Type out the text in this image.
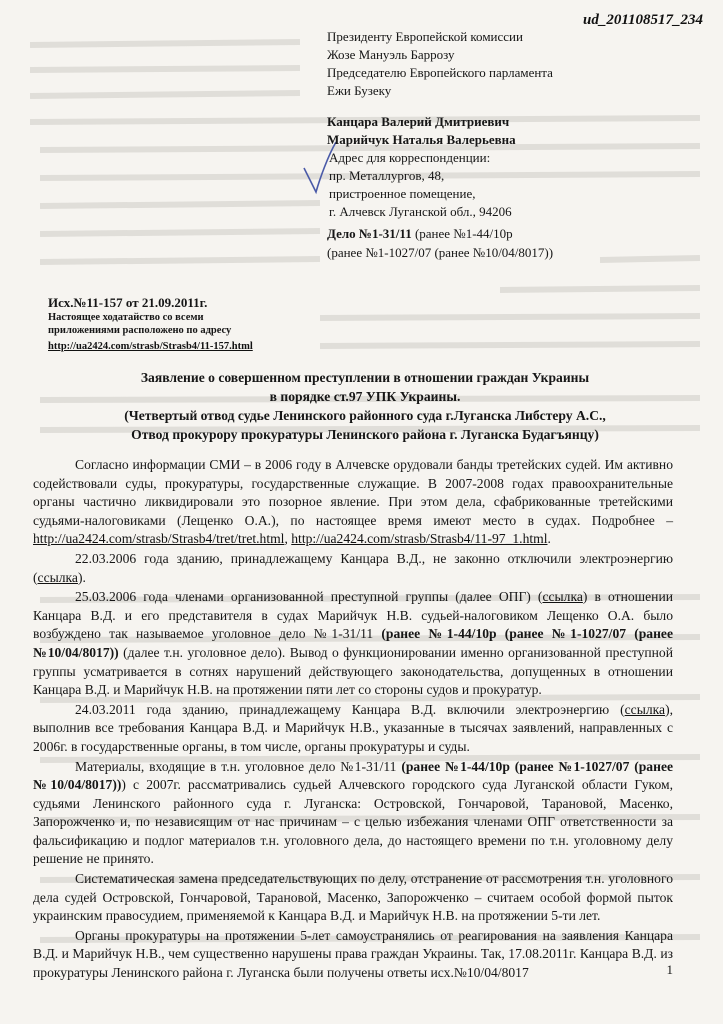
ud_201108517_234
Президенту Европейской комиссии
Жозе Мануэль Баррозу
Председателю Европейского парламента
Ежи Бузеку
Канцара Валерий Дмитриевич
Марийчук Наталья Валерьевна
Адрес для корреспонденции:
пр. Металлургов, 48,
пристроенное помещение,
г. Алчевск Луганской обл., 94206
Дело №1-31/11 (ранее №1-44/10р
(ранее №1-1027/07 (ранее №10/04/8017))
Исх.№11-157 от 21.09.2011г.
Настоящее ходатайство со всеми
приложениями расположено по адресу
http://ua2424.com/strasb/Strasb4/11-157.html
Заявление о совершенном преступлении в отношении граждан Украины
в порядке ст.97 УПК Украины.
(Четвертый отвод судье Ленинского районного суда г.Луганска Либстеру А.С.,
Отвод прокурору прокуратуры Ленинского района г. Луганска Будагъянцу)

Согласно информации СМИ – в 2006 году в Алчевске орудовали банды третейских судей. Им активно содействовали суды, прокуратуры, государственные служащие. В 2007-2008 годах правоохранительные органы частично ликвидировали это позорное явление. При этом дела, сфабрикованные третейскими судьями-налоговиками (Лещенко О.А.), по настоящее время имеют место в судах. Подробнее – http://ua2424.com/strasb/Strasb4/tret/tret.html, http://ua2424.com/strasb/Strasb4/11-97_1.html.

22.03.2006 года зданию, принадлежащему Канцара В.Д., не законно отключили электроэнергию (ссылка).

25.03.2006 года членами организованной преступной группы (далее ОПГ) (ссылка) в отношении Канцара В.Д. и его представителя в судах Марийчук Н.В. судьей-налоговиком Лещенко О.А. было возбуждено так называемое уголовное дело №1-31/11 (ранее №1-44/10р (ранее №1-1027/07 (ранее №10/04/8017)) (далее т.н. уголовное дело). Вывод о функционировании именно организованной преступной группы усматривается в сотнях нарушений действующего законодательства, допущенных в отношении Канцара В.Д. и Марийчук Н.В. на протяжении пяти лет со стороны судов и прокуратур.

24.03.2011 года зданию, принадлежащему Канцара В.Д. включили электроэнергию (ссылка), выполнив все требования Канцара В.Д. и Марийчук Н.В., указанные в тысячах заявлений, направленных с 2006г. в государственные органы, в том числе, органы прокуратуры и суды.

Материалы, входящие в т.н. уголовное дело №1-31/11 (ранее №1-44/10р (ранее №1-1027/07 (ранее №10/04/8017))) с 2007г. рассматривались судьей Алчевского городского суда Луганской области Гуком, судьями Ленинского районного суда г. Луганска: Островской, Гончаровой, Тарановой, Масенко, Запорожченко и, по независящим от нас причинам – с целью избежания членами ОПГ ответственности за фальсификацию и подлог материалов т.н. уголовного дела, до настоящего времени по т.н. уголовному делу решение не принято.

Систематическая замена председательствующих по делу, отстранение от рассмотрения т.н. уголовного дела судей Островской, Гончаровой, Тарановой, Масенко, Запорожченко – считаем особой формой пыток украинским правосудием, применяемой к Канцара В.Д. и Марийчук Н.В. на протяжении 5-ти лет.

Органы прокуратуры на протяжении 5-лет самоустранялись от реагирования на заявления Канцара В.Д. и Марийчук Н.В., чем существенно нарушены права граждан Украины. Так, 17.08.2011г. Канцара В.Д. из прокуратуры Ленинского района г. Луганска были получены ответы исх.№10/04/8017	1
